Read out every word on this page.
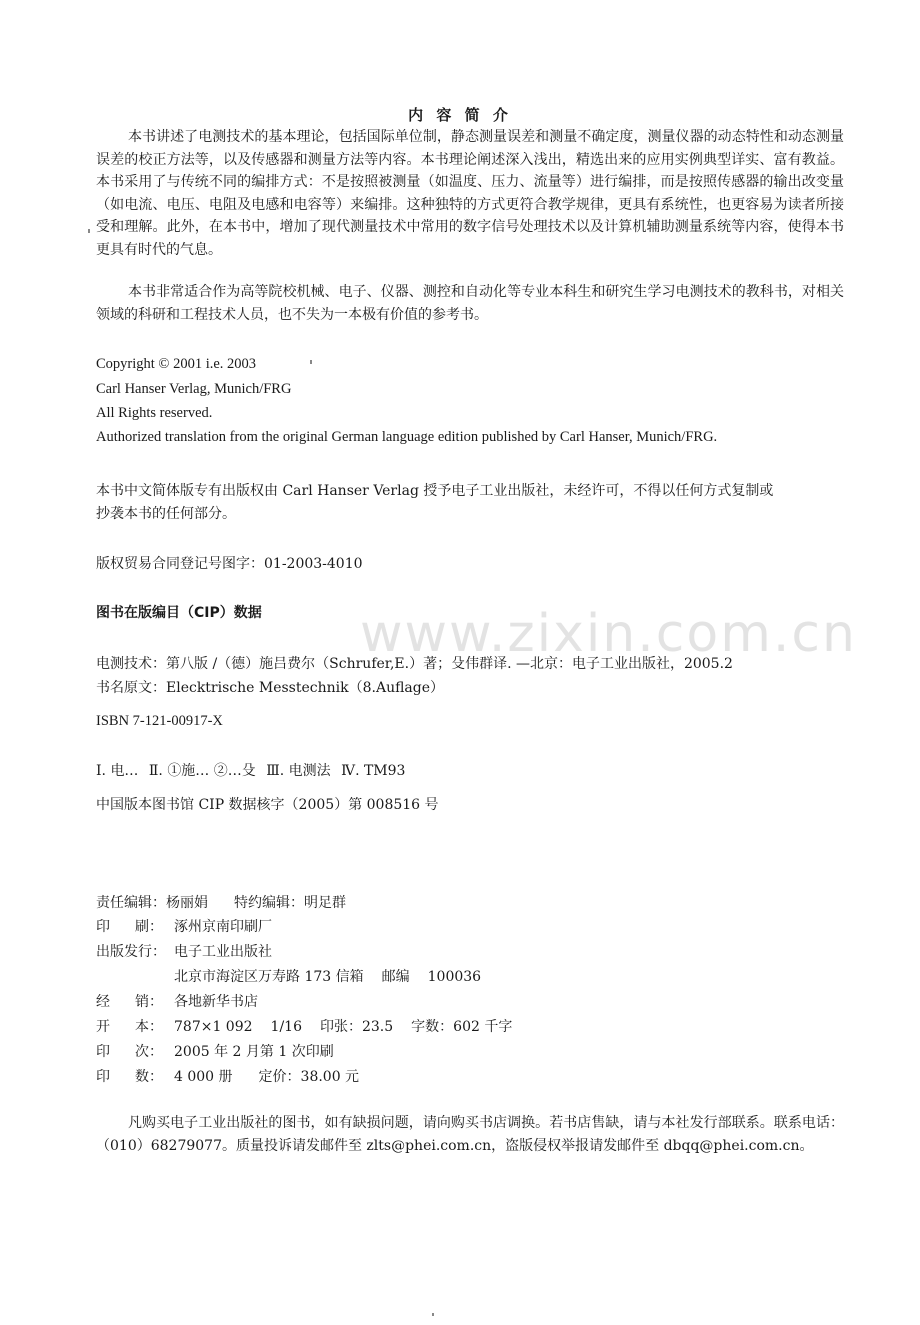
www.zixin.com.cn

内 容 简 介

本书讲述了电测技术的基本理论，包括国际单位制，静态测量误差和测量不确定度，测量仪器的动态特性和动态测量误差的校正方法等，以及传感器和测量方法等内容。本书理论阐述深入浅出，精选出来的应用实例典型详实、富有教益。本书采用了与传统不同的编排方式：不是按照被测量（如温度、压力、流量等）进行编排，而是按照传感器的输出改变量（如电流、电压、电阻及电感和电容等）来编排。这种独特的方式更符合教学规律，更具有系统性，也更容易为读者所接受和理解。此外，在本书中，增加了现代测量技术中常用的数字信号处理技术以及计算机辅助测量系统等内容，使得本书更具有时代的气息。

本书非常适合作为高等院校机械、电子、仪器、测控和自动化等专业本科生和研究生学习电测技术的教科书，对相关领域的科研和工程技术人员，也不失为一本极有价值的参考书。

Copyright © 2001 i.e. 2003

Carl Hanser Verlag, Munich/FRG

All Rights reserved.

Authorized translation from the original German language edition published by Carl Hanser, Munich/FRG.

本书中文简体版专有出版权由 Carl Hanser Verlag 授予电子工业出版社，未经许可，不得以任何方式复制或

抄袭本书的任何部分。

版权贸易合同登记号图字：01-2003-4010

图书在版编目（CIP）数据

电测技术：第八版 /（德）施吕费尔（Schrufer,E.）著；殳伟群译. —北京：电子工业出版社，2005.2

书名原文：Elecktrische Messtechnik（8.Auflage）

ISBN 7-121-00917-X

Ⅰ. 电… Ⅱ. ①施… ②…殳 Ⅲ. 电测法 Ⅳ. TM93

中国版本图书馆 CIP 数据核字（2005）第 008516 号

责任编辑：杨丽娟 特约编辑：明足群
印 刷： 涿州京南印刷厂
出版发行： 电子工业出版社
北京市海淀区万寿路 173 信箱 邮编 100036
经 销： 各地新华书店
开 本： 787×1 092 1/16 印张：23.5 字数：602 千字
印 次： 2005 年 2 月第 1 次印刷
印 数： 4 000 册 定价：38.00 元

凡购买电子工业出版社的图书，如有缺损问题，请向购买书店调换。若书店售缺，请与本社发行部联系。联系电话：（010）68279077。质量投诉请发邮件至 zlts@phei.com.cn，盗版侵权举报请发邮件至 dbqq@phei.com.cn。
